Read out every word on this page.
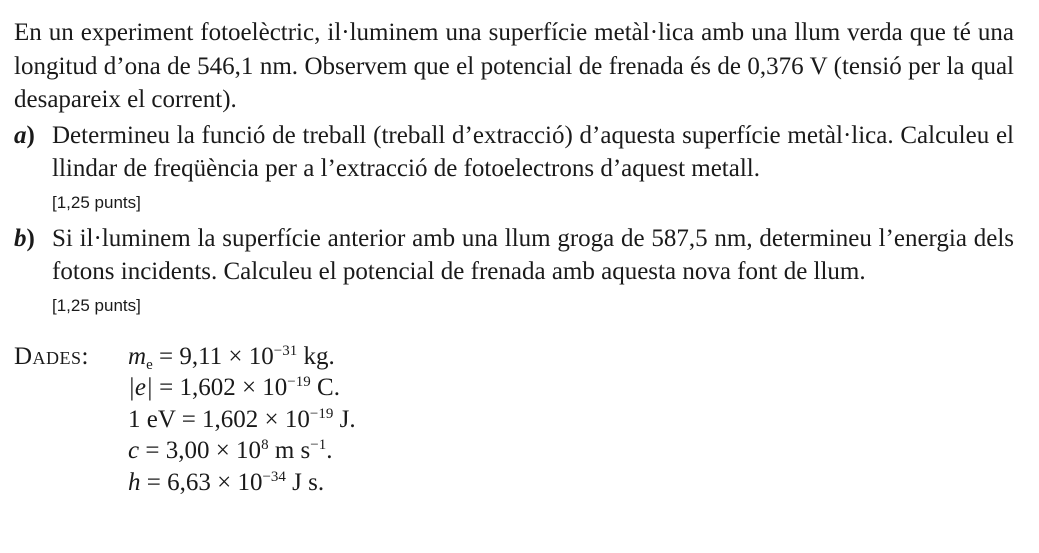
En un experiment fotoelèctric, il·luminem una superfície metàl·lica amb una llum verda que té una longitud d’ona de 546,1 nm. Observem que el potencial de frenada és de 0,376 V (tensió per la qual desapareix el corrent).

a) Determineu la funció de treball (treball d’extracció) d’aquesta superfície metàl·lica. Calculeu el llindar de freqüència per a l’extracció de fotoelectrons d’aquest metall.

[1,25 punts]
b) Si il·luminem la superfície anterior amb una llum groga de 587,5 nm, determineu l’energia dels fotons incidents. Calculeu el potencial de frenada amb aquesta nova font de llum.

[1,25 punts]
Dades: $m_e = 9,11 \times 10^{-31}$ kg.
$|e| = 1,602 \times 10^{-19}$ C.
1 eV = $1,602 \times 10^{-19}$ J.
$c = 3,00 \times 10^8$ m $s^{-1}$.
$h = 6,63 \times 10^{-34}$ J s.
